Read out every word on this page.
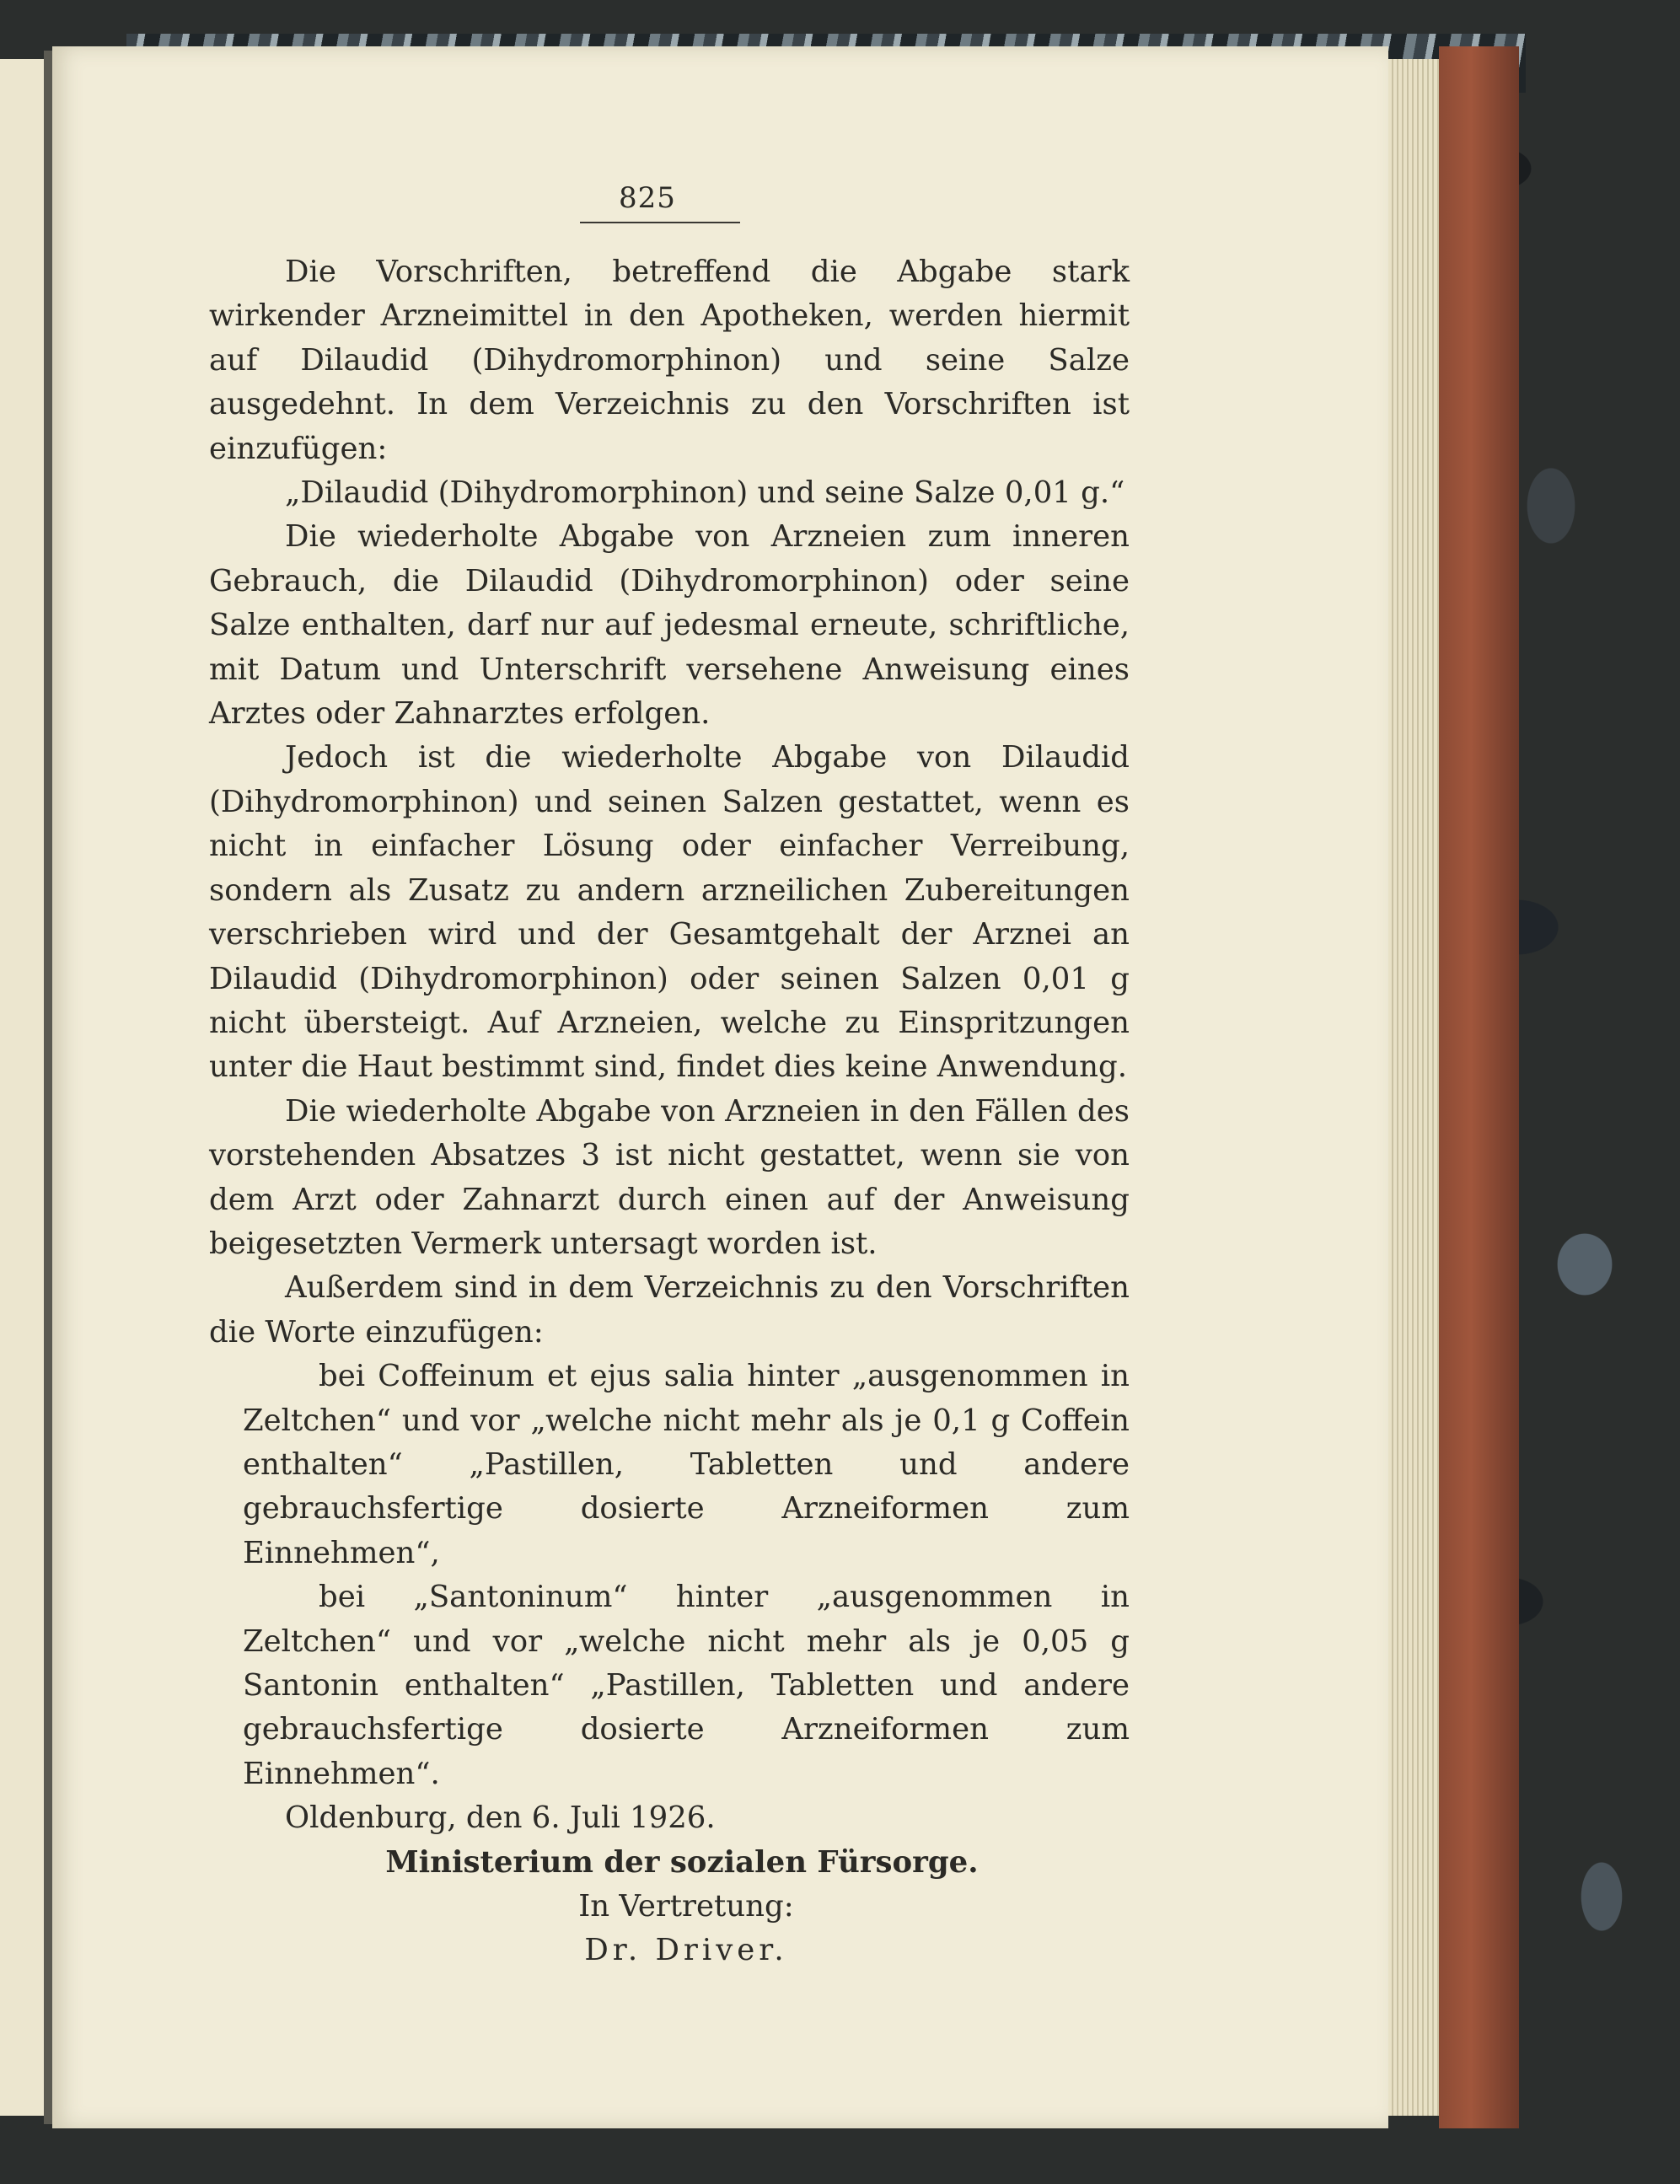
825

Die Vorschriften, betreffend die Abgabe stark wirkender Arzneimittel in den Apotheken, werden hiermit auf Dilaudid (Dihydromorphinon) und seine Salze ausgedehnt. In dem Verzeichnis zu den Vorschriften ist einzufügen:

„Dilaudid (Dihydromorphinon) und seine Salze 0,01 g.“

Die wiederholte Abgabe von Arzneien zum inneren Gebrauch, die Dilaudid (Dihydromorphinon) oder seine Salze enthalten, darf nur auf jedesmal erneute, schriftliche, mit Datum und Unterschrift versehene Anweisung eines Arztes oder Zahnarztes erfolgen.

Jedoch ist die wiederholte Abgabe von Dilaudid (Dihydromorphinon) und seinen Salzen gestattet, wenn es nicht in einfacher Lösung oder einfacher Verreibung, sondern als Zusatz zu andern arzneilichen Zubereitungen verschrieben wird und der Gesamtgehalt der Arznei an Dilaudid (Dihydromorphinon) oder seinen Salzen 0,01 g nicht übersteigt. Auf Arzneien, welche zu Einspritzungen unter die Haut bestimmt sind, findet dies keine Anwendung.

Die wiederholte Abgabe von Arzneien in den Fällen des vorstehenden Absatzes 3 ist nicht gestattet, wenn sie von dem Arzt oder Zahnarzt durch einen auf der Anweisung beigesetzten Vermerk untersagt worden ist.

Außerdem sind in dem Verzeichnis zu den Vorschriften die Worte einzufügen:

bei Coffeinum et ejus salia hinter „ausgenommen in Zeltchen“ und vor „welche nicht mehr als je 0,1 g Coffein enthalten“ „Pastillen, Tabletten und andere gebrauchsfertige dosierte Arzneiformen zum Einnehmen“,

bei „Santoninum“ hinter „ausgenommen in Zeltchen“ und vor „welche nicht mehr als je 0,05 g Santonin enthalten“ „Pastillen, Tabletten und andere gebrauchsfertige dosierte Arzneiformen zum Einnehmen“.

Oldenburg, den 6. Juli 1926.
Ministerium der sozialen Fürsorge.
In Vertretung:
Dr. Driver.
